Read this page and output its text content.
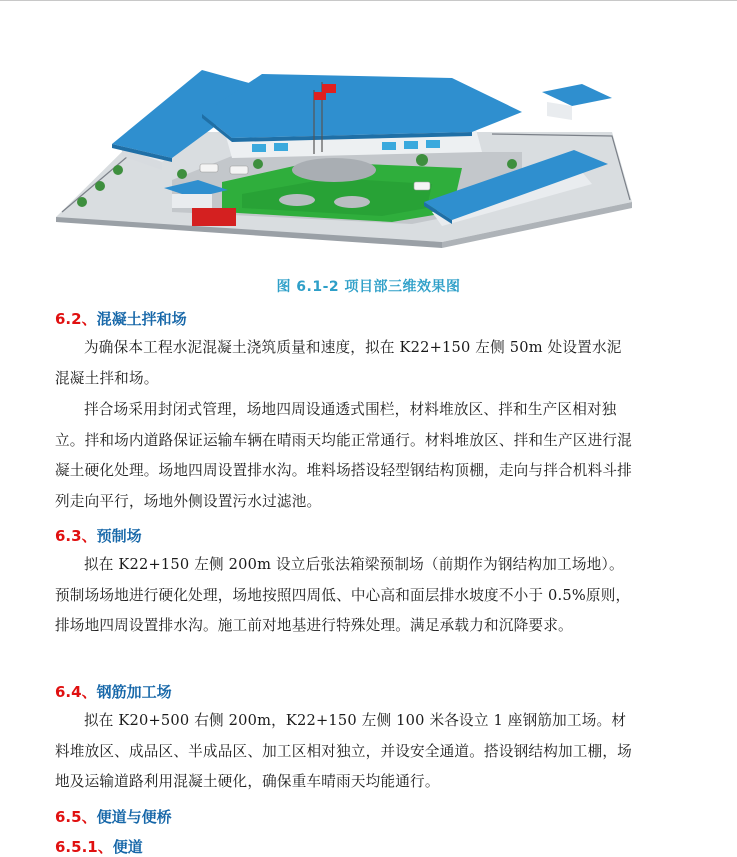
图 6.1-2 项目部三维效果图
6.2、混凝土拌和场
为确保本工程水泥混凝土浇筑质量和速度，拟在 K22+150 左侧 50m 处设置水泥混凝土拌和场。
拌合场采用封闭式管理，场地四周设通透式围栏，材料堆放区、拌和生产区相对独立。拌和场内道路保证运输车辆在晴雨天均能正常通行。材料堆放区、拌和生产区进行混凝土硬化处理。场地四周设置排水沟。堆料场搭设轻型钢结构顶棚，走向与拌合机料斗排列走向平行，场地外侧设置污水过滤池。
6.3、预制场
拟在 K22+150 左侧 200m 设立后张法箱梁预制场（前期作为钢结构加工场地）。预制场场地进行硬化处理，场地按照四周低、中心高和面层排水坡度不小于 0.5%原则，排场地四周设置排水沟。施工前对地基进行特殊处理。满足承载力和沉降要求。
6.4、钢筋加工场
拟在 K20+500 右侧 200m，K22+150 左侧 100 米各设立 1 座钢筋加工场。材料堆放区、成品区、半成品区、加工区相对独立，并设安全通道。搭设钢结构加工棚，场地及运输道路利用混凝土硬化，确保重车晴雨天均能通行。
6.5、便道与便桥
6.5.1、便道
